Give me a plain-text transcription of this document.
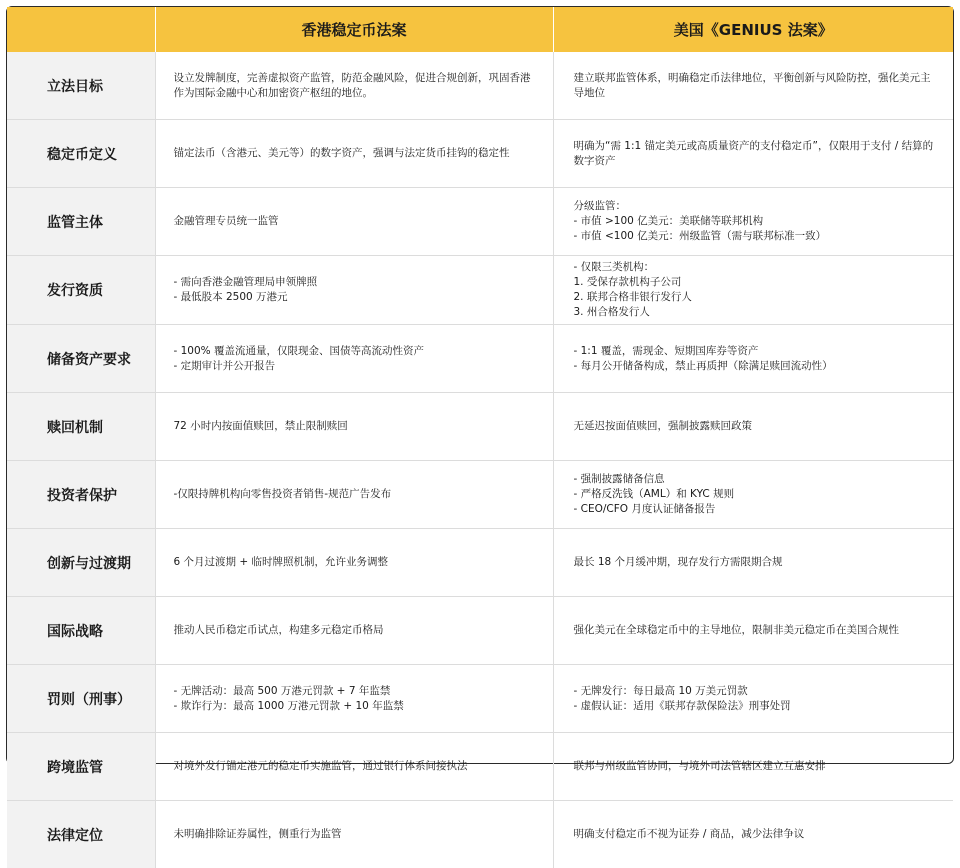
	香港稳定币法案	美国《GENIUS 法案》
立法目标	设立发牌制度，完善虚拟资产监管，防范金融风险，促进合规创新，巩固香港作为国际金融中心和加密资产枢纽的地位。	建立联邦监管体系，明确稳定币法律地位，平衡创新与风险防控，强化美元主导地位

稳定币定义	锚定法币（含港元、美元等）的数字资产，强调与法定货币挂钩的稳定性	明确为“需 1:1 锚定美元或高质量资产的支付稳定币”，仅限用于支付 / 结算的数字资产

监管主体	金融管理专员统一监管	分级监管：
- 市值 >100 亿美元：美联储等联邦机构
- 市值 <100 亿美元：州级监管（需与联邦标准一致）

发行资质	- 需向香港金融管理局申领牌照
- 最低股本 2500 万港元	- 仅限三类机构：
1. 受保存款机构子公司
2. 联邦合格非银行发行人
3. 州合格发行人

储备资产要求	- 100% 覆盖流通量，仅限现金、国债等高流动性资产
- 定期审计并公开报告	- 1:1 覆盖，需现金、短期国库券等资产
- 每月公开储备构成，禁止再质押（除满足赎回流动性）

赎回机制	72 小时内按面值赎回，禁止限制赎回	无延迟按面值赎回，强制披露赎回政策

投资者保护	-仅限持牌机构向零售投资者销售-规范广告发布	- 强制披露储备信息
- 严格反洗钱（AML）和 KYC 规则
- CEO/CFO 月度认证储备报告

创新与过渡期	6 个月过渡期 + 临时牌照机制，允许业务调整	最长 18 个月缓冲期，现存发行方需限期合规

国际战略	推动人民币稳定币试点，构建多元稳定币格局	强化美元在全球稳定币中的主导地位，限制非美元稳定币在美国合规性

罚则（刑事）	- 无牌活动：最高 500 万港元罚款 + 7 年监禁
- 欺诈行为：最高 1000 万港元罚款 + 10 年监禁	- 无牌发行：每日最高 10 万美元罚款
- 虚假认证：适用《联邦存款保险法》刑事处罚

跨境监管	对境外发行锚定港元的稳定币实施监管，通过银行体系间接执法	联邦与州级监管协同，与境外司法管辖区建立互惠安排

法律定位	未明确排除证券属性，侧重行为监管	明确支付稳定币不视为证券 / 商品，减少法律争议
